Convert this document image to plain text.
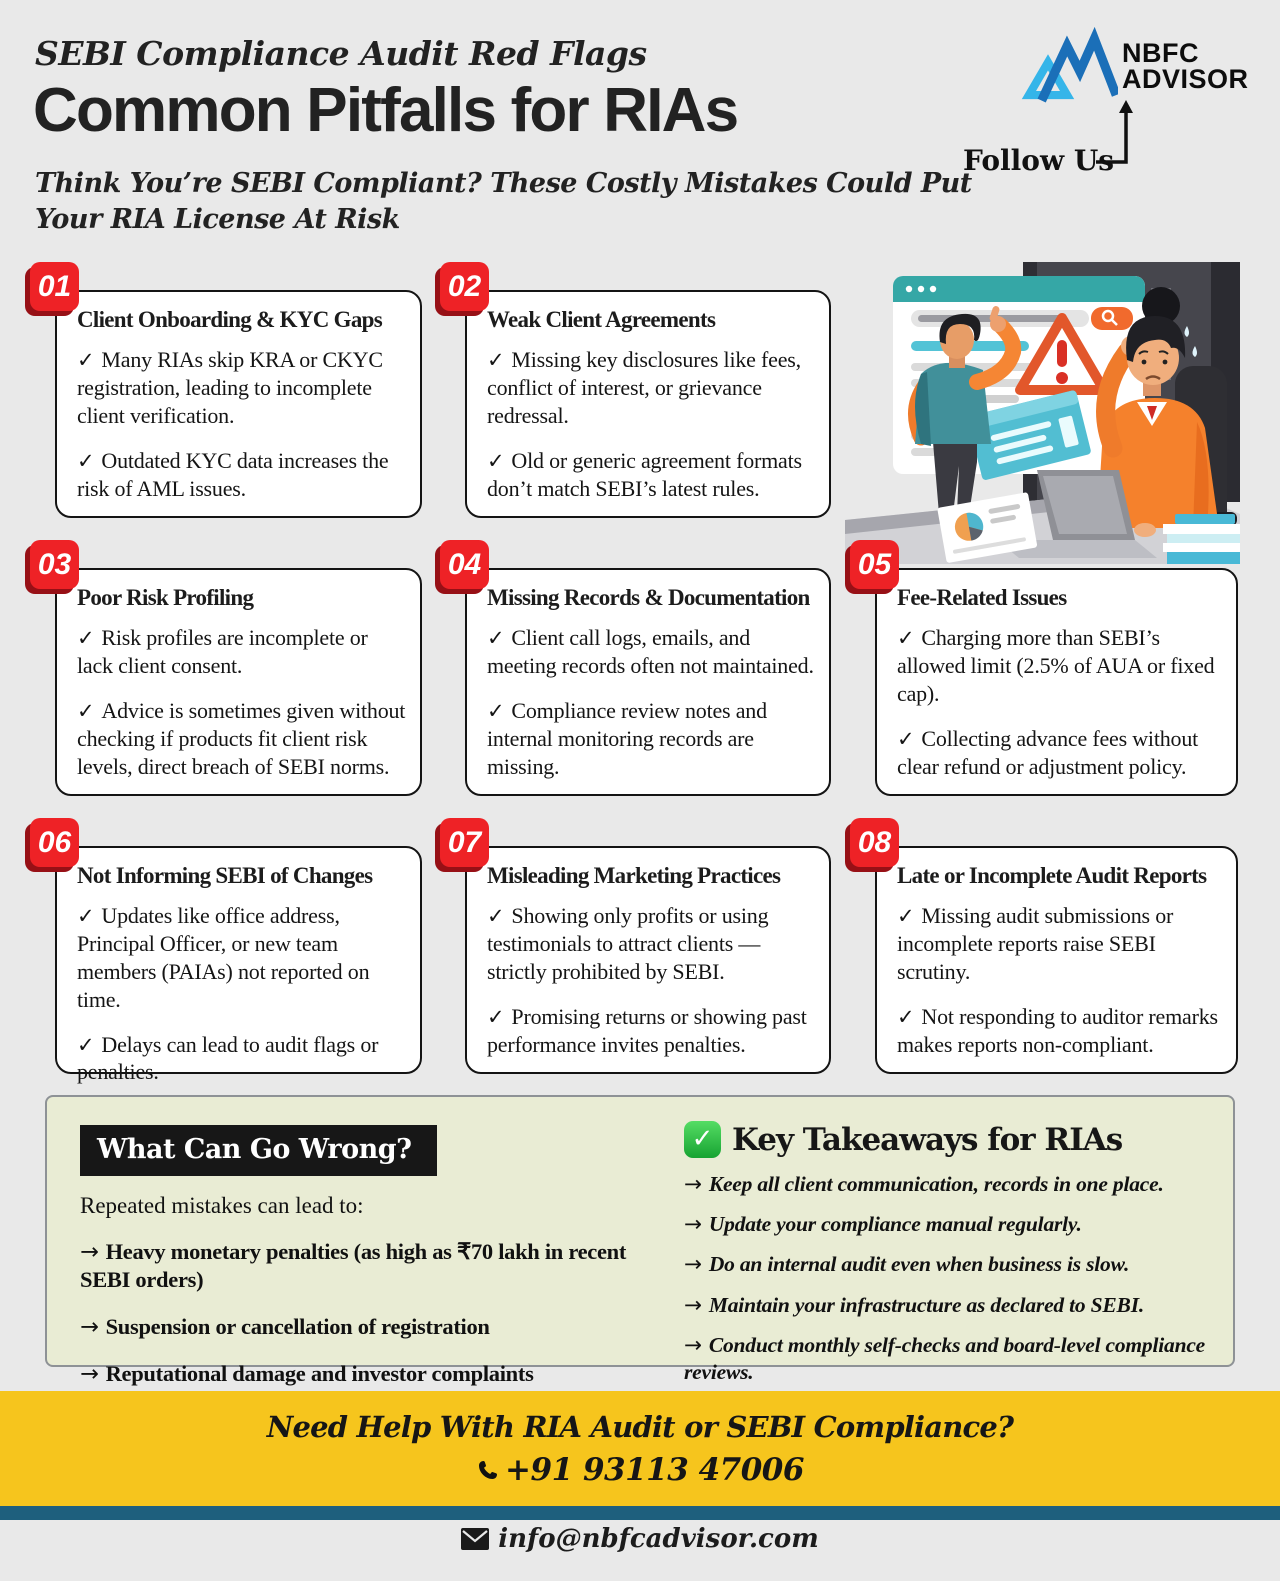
SEBI Compliance Audit Red Flags
Common Pitfalls for RIAs
Think You’re SEBI Compliant? These Costly Mistakes Could Put
Your RIA License At Risk
NBFC
ADVISOR
Follow Us
01	02
03	04	05
06	07	08
Client Onboarding & KYC Gaps

✓ Many RIAs skip KRA or CKYC registration, leading to incomplete client verification.

✓ Outdated KYC data increases the risk of AML issues.

Weak Client Agreements

✓ Missing key disclosures like fees, conflict of interest, or grievance redressal.

✓ Old or generic agreement formats don’t match SEBI’s latest rules.

Poor Risk Profiling

✓ Risk profiles are incomplete or lack client consent.

✓ Advice is sometimes given without checking if products fit client risk levels, direct breach of SEBI norms.

Missing Records & Documentation

✓ Client call logs, emails, and meeting records often not maintained.

✓ Compliance review notes and internal monitoring records are missing.

Fee-Related Issues

✓ Charging more than SEBI’s allowed limit (2.5% of AUA or fixed cap).

✓ Collecting advance fees without clear refund or adjustment policy.

Not Informing SEBI of Changes

✓ Updates like office address, Principal Officer, or new team members (PAIAs) not reported on time.

✓ Delays can lead to audit flags or penalties.

Misleading Marketing Practices

✓ Showing only profits or using testimonials to attract clients — strictly prohibited by SEBI.

✓ Promising returns or showing past performance invites penalties.

Late or Incomplete Audit Reports

✓ Missing audit submissions or incomplete reports raise SEBI scrutiny.

✓ Not responding to auditor remarks makes reports non-compliant.

What Can Go Wrong?
Repeated mistakes can lead to:
→ Heavy monetary penalties (as high as ₹70 lakh in recent SEBI orders)
→ Suspension or cancellation of registration
→ Reputational damage and investor complaints
✓ Key Takeaways for RIAs
→ Keep all client communication, records in one place.
→ Update your compliance manual regularly.
→ Do an internal audit even when business is slow.
→ Maintain your infrastructure as declared to SEBI.
→ Conduct monthly self-checks and board-level compliance reviews.
Need Help With RIA Audit or SEBI Compliance?
+91 93113 47006
info@nbfcadvisor.com
